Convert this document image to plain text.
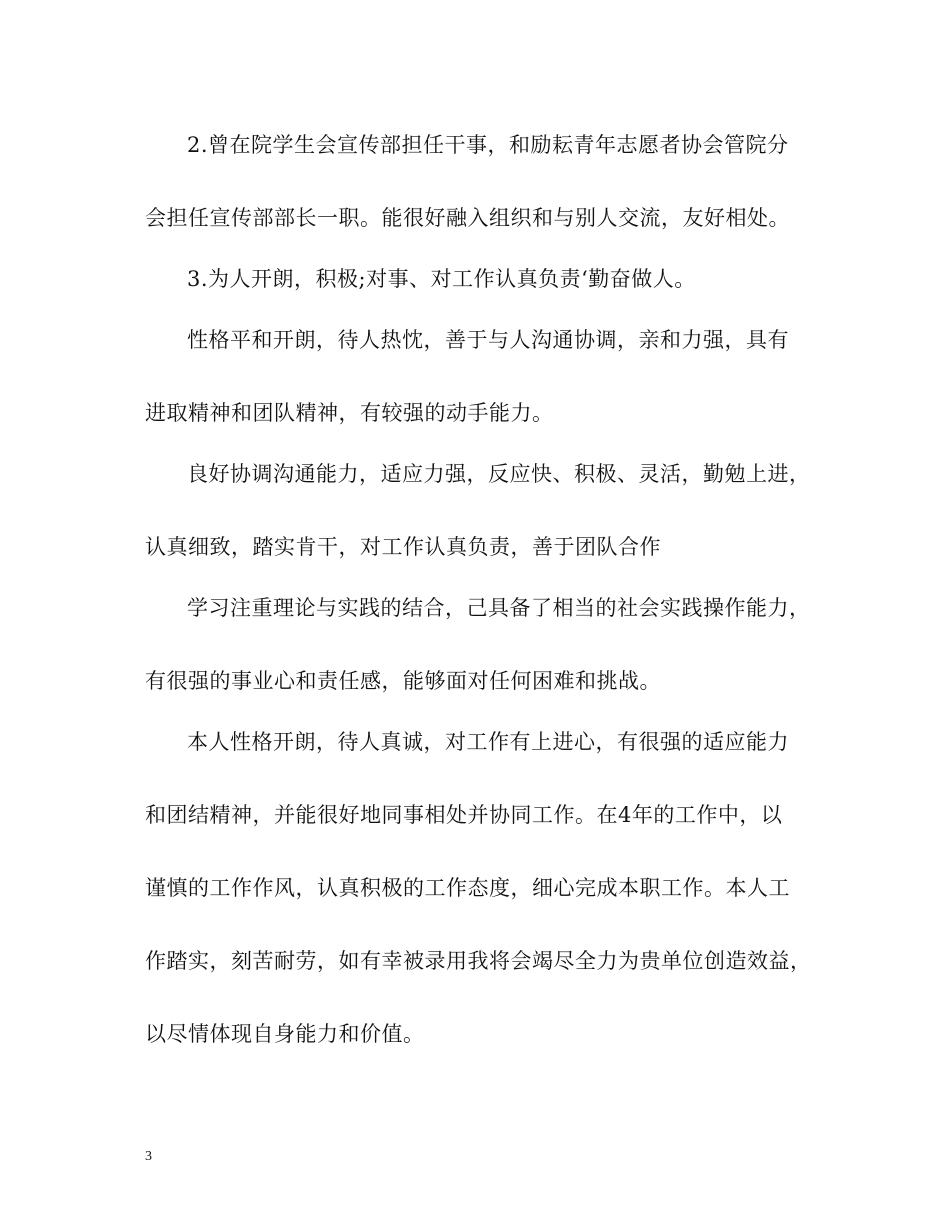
2.曾在院学生会宣传部担任干事，和励耘青年志愿者协会管院分
会担任宣传部部长一职。能很好融入组织和与别人交流，友好相处。
3.为人开朗，积极;对事、对工作认真负责‘勤奋做人。
性格平和开朗，待人热忱，善于与人沟通协调，亲和力强，具有
进取精神和团队精神，有较强的动手能力。
良好协调沟通能力，适应力强，反应快、积极、灵活，勤勉上进，
认真细致，踏实肯干，对工作认真负责，善于团队合作
学习注重理论与实践的结合，己具备了相当的社会实践操作能力，
有很强的事业心和责任感，能够面对任何困难和挑战。
本人性格开朗，待人真诚，对工作有上进心，有很强的适应能力
和团结精神，并能很好地同事相处并协同工作。在4年的工作中，以
谨慎的工作作风，认真积极的工作态度，细心完成本职工作。本人工
作踏实，刻苦耐劳，如有幸被录用我将会竭尽全力为贵单位创造效益，
以尽情体现自身能力和价值。
3
